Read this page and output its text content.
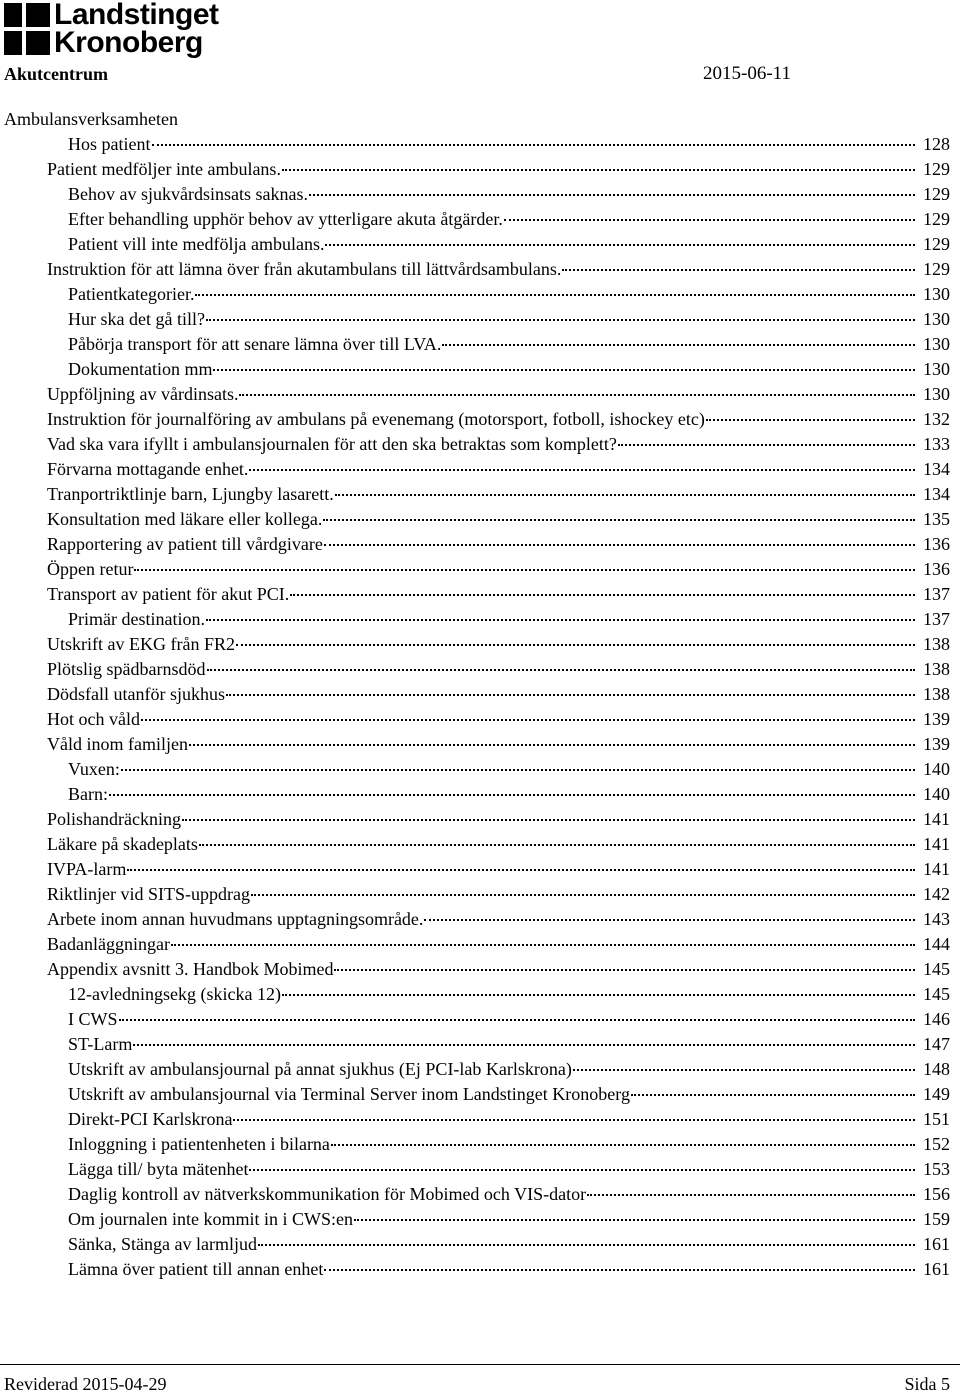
Landstinget
Kronoberg
Akutcentrum	2015-06-11
Ambulansverksamheten
Hos patient	128
Patient medföljer inte ambulans.	129
Behov av sjukvårdsinsats saknas.	129
Efter behandling upphör behov av ytterligare akuta åtgärder.	129
Patient vill inte medfölja ambulans.	129
Instruktion för att lämna över från akutambulans till lättvårdsambulans.	129
Patientkategorier.	130
Hur ska det gå till?	130
Påbörja transport för att senare lämna över till LVA.	130
Dokumentation mm	130
Uppföljning av vårdinsats.	130
Instruktion för journalföring av ambulans på evenemang (motorsport, fotboll, ishockey etc)	132
Vad ska vara ifyllt i ambulansjournalen för att den ska betraktas som komplett?	133
Förvarna mottagande enhet.	134
Tranportriktlinje barn, Ljungby lasarett.	134
Konsultation med läkare eller kollega.	135
Rapportering av patient till vårdgivare	136
Öppen retur	136
Transport av patient för akut PCI.	137
Primär destination.	137
Utskrift av EKG från FR2	138
Plötslig spädbarnsdöd	138
Dödsfall utanför sjukhus	138
Hot och våld	139
Våld inom familjen	139
Vuxen:	140
Barn:	140
Polishandräckning	141
Läkare på skadeplats	141
IVPA-larm	141
Riktlinjer vid SITS-uppdrag	142
Arbete inom annan huvudmans upptagningsområde.	143
Badanläggningar	144
Appendix avsnitt 3. Handbok Mobimed	145
12-avledningsekg (skicka 12)	145
I CWS	146
ST-Larm	147
Utskrift av ambulansjournal på annat sjukhus (Ej PCI-lab Karlskrona)	148
Utskrift av ambulansjournal via Terminal Server inom Landstinget Kronoberg	149
Direkt-PCI Karlskrona	151
Inloggning i patientenheten i bilarna	152
Lägga till/ byta mätenhet	153
Daglig kontroll av nätverkskommunikation för Mobimed och VIS-dator	156
Om journalen inte kommit in i CWS:en	159
Sänka, Stänga av larmljud	161
Lämna över patient till annan enhet	161
Reviderad 2015-04-29	Sida 5
